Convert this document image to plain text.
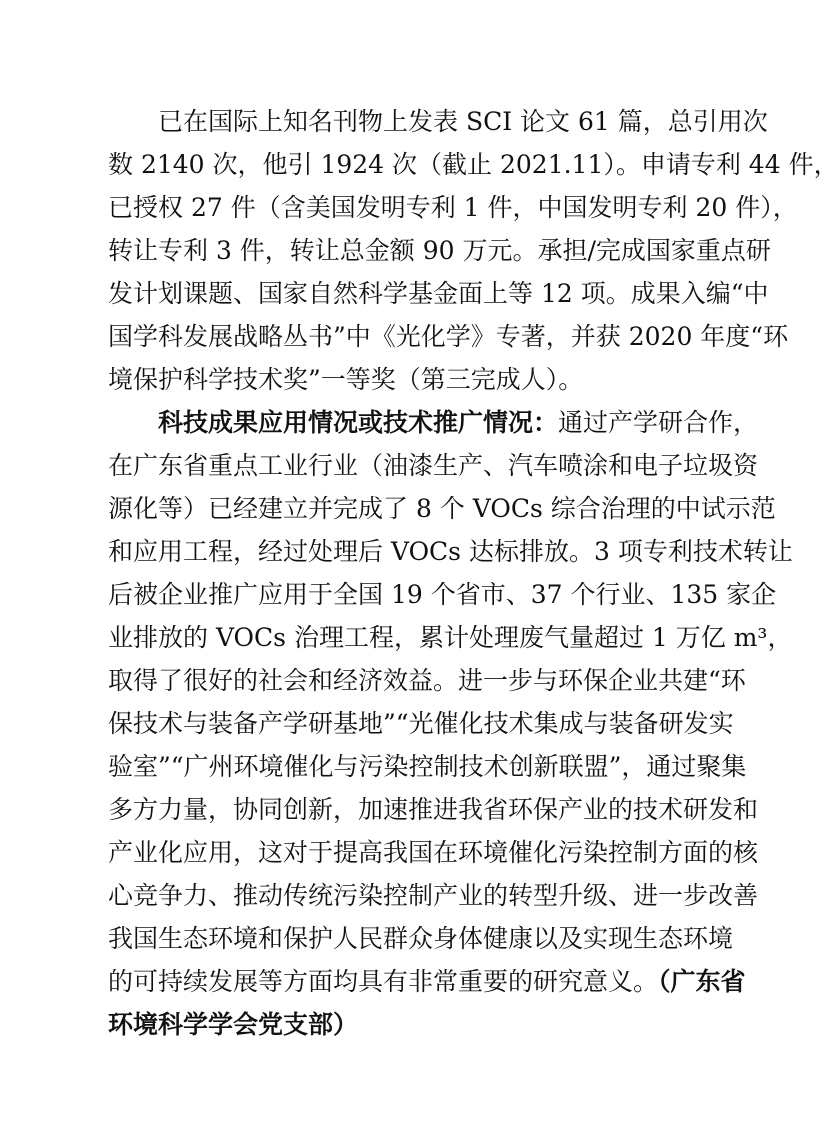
　　已在国际上知名刊物上发表 SCI 论文 61 篇，总引用次
数 2140 次，他引 1924 次（截止 2021.11）。申请专利 44 件，
已授权 27 件（含美国发明专利 1 件，中国发明专利 20 件），
转让专利 3 件，转让总金额 90 万元。承担/完成国家重点研
发计划课题、国家自然科学基金面上等 12 项。成果入编“中
国学科发展战略丛书”中《光化学》专著，并获 2020 年度“环
境保护科学技术奖”一等奖（第三完成人）。
　　科技成果应用情况或技术推广情况：通过产学研合作，
在广东省重点工业行业（油漆生产、汽车喷涂和电子垃圾资
源化等）已经建立并完成了 8 个 VOCs 综合治理的中试示范
和应用工程，经过处理后 VOCs 达标排放。3 项专利技术转让
后被企业推广应用于全国 19 个省市、37 个行业、135 家企
业排放的 VOCs 治理工程，累计处理废气量超过 1 万亿 m³，
取得了很好的社会和经济效益。进一步与环保企业共建“环
保技术与装备产学研基地”“光催化技术集成与装备研发实
验室”“广州环境催化与污染控制技术创新联盟”，通过聚集
多方力量，协同创新，加速推进我省环保产业的技术研发和
产业化应用，这对于提高我国在环境催化污染控制方面的核
心竞争力、推动传统污染控制产业的转型升级、进一步改善
我国生态环境和保护人民群众身体健康以及实现生态环境
的可持续发展等方面均具有非常重要的研究意义。（广东省
环境科学学会党支部）
